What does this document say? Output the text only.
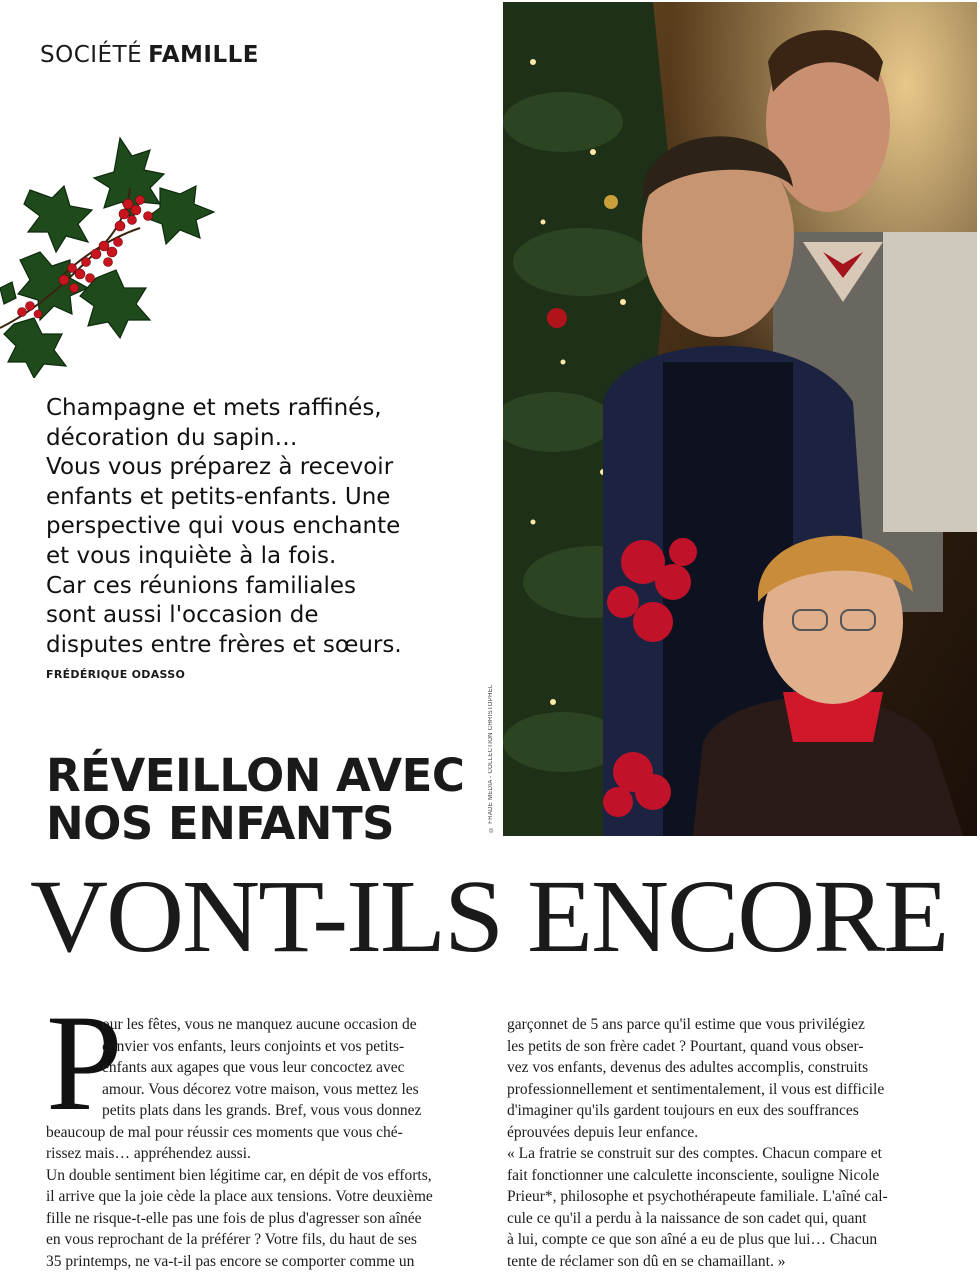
SOCIÉTÉ FAMILLE
Champagne et mets raffinés,
décoration du sapin…
Vous vous préparez à recevoir
enfants et petits-enfants. Une
perspective qui vous enchante
et vous inquiète à la fois.
Car ces réunions familiales
sont aussi l'occasion de
disputes entre frères et sœurs.
FRÉDÉRIQUE ODASSO
© FRADE MEDIA - COLLECTION CHRISTOPHEL
RÉVEILLON AVEC
NOS ENFANTS
VONT-ILS ENCORE
P
our les fêtes, vous ne manquez aucune occasion de
convier vos enfants, leurs conjoints et vos petits-
enfants aux agapes que vous leur concoctez avec
amour. Vous décorez votre maison, vous mettez les
petits plats dans les grands. Bref, vous vous donnez
beaucoup de mal pour réussir ces moments que vous ché-
rissez mais… appréhendez aussi.
Un double sentiment bien légitime car, en dépit de vos efforts,
il arrive que la joie cède la place aux tensions. Votre deuxième
fille ne risque-t-elle pas une fois de plus d'agresser son aînée
en vous reprochant de la préférer ? Votre fils, du haut de ses
35 printemps, ne va-t-il pas encore se comporter comme un
garçonnet de 5 ans parce qu'il estime que vous privilégiez
les petits de son frère cadet ? Pourtant, quand vous obser-
vez vos enfants, devenus des adultes accomplis, construits
professionnellement et sentimentalement, il vous est difficile
d'imaginer qu'ils gardent toujours en eux des souffrances
éprouvées depuis leur enfance.
« La fratrie se construit sur des comptes. Chacun compare et
fait fonctionner une calculette inconsciente, souligne Nicole
Prieur*, philosophe et psychothérapeute familiale. L'aîné cal-
cule ce qu'il a perdu à la naissance de son cadet qui, quant
à lui, compte ce que son aîné a eu de plus que lui… Chacun
tente de réclamer son dû en se chamaillant. »
